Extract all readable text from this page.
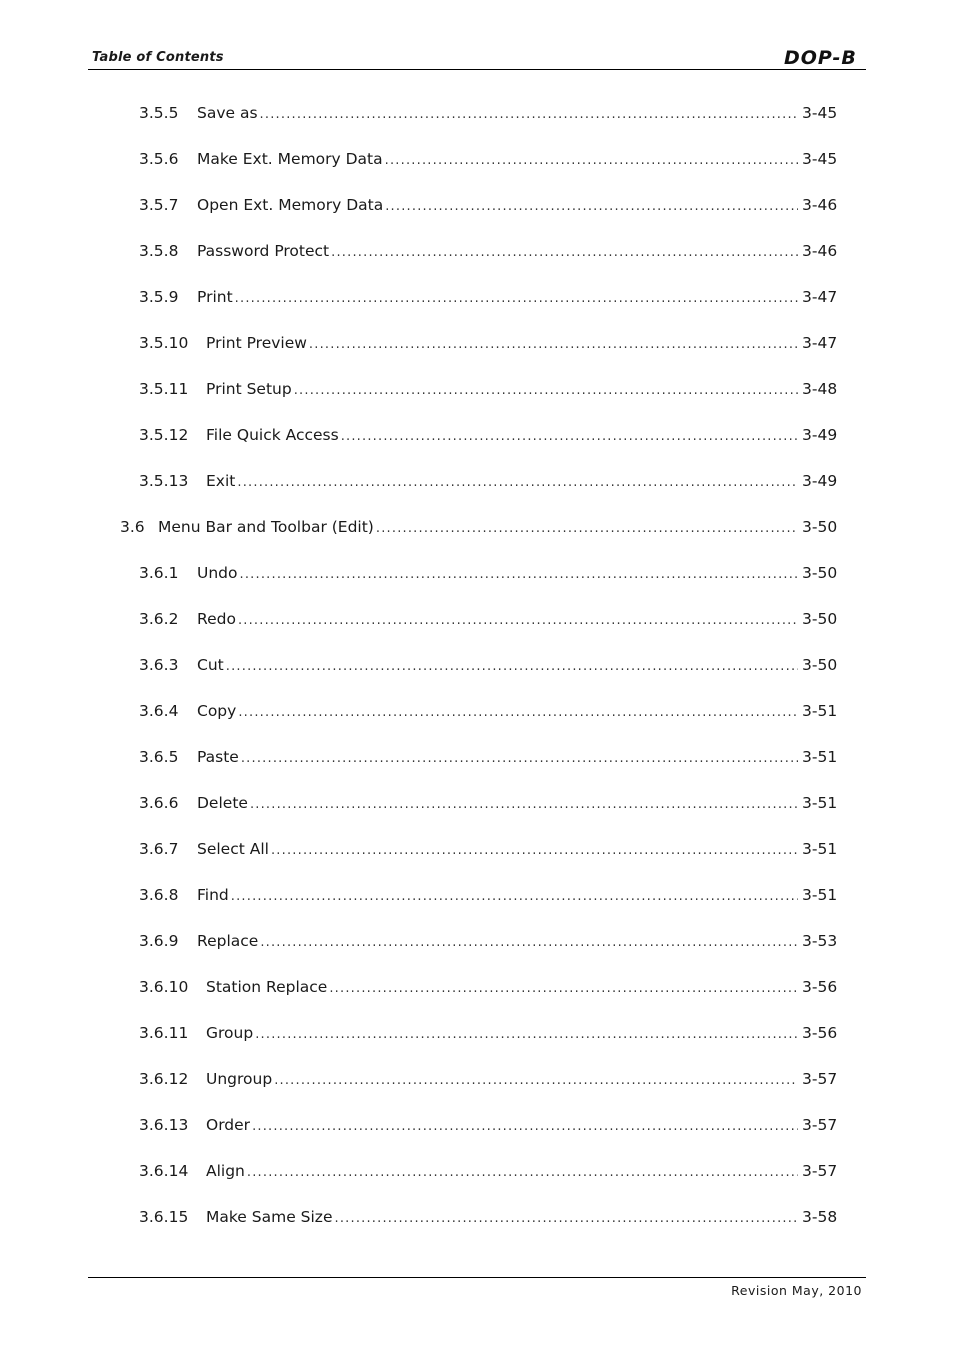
Table of Contents	DOP-B
3.5.5	Save as .....	3-45
3.5.6	Make Ext. Memory Data .....	3-45
3.5.7	Open Ext. Memory Data .....	3-46
3.5.8	Password Protect .....	3-46
3.5.9	Print .....	3-47
3.5.10	Print Preview .....	3-47
3.5.11	Print Setup .....	3-48
3.5.12	File Quick Access .....	3-49
3.5.13	Exit .....	3-49
3.6 Menu Bar and Toolbar (Edit) .....	3-50
3.6.1	Undo .....	3-50
3.6.2	Redo .....	3-50
3.6.3	Cut .....	3-50
3.6.4	Copy .....	3-51
3.6.5	Paste .....	3-51
3.6.6	Delete .....	3-51
3.6.7	Select All .....	3-51
3.6.8	Find .....	3-51
3.6.9	Replace .....	3-53
3.6.10	Station Replace .....	3-56
3.6.11	Group .....	3-56
3.6.12	Ungroup .....	3-57
3.6.13	Order .....	3-57
3.6.14	Align .....	3-57
3.6.15	Make Same Size .....	3-58
Revision May, 2010
